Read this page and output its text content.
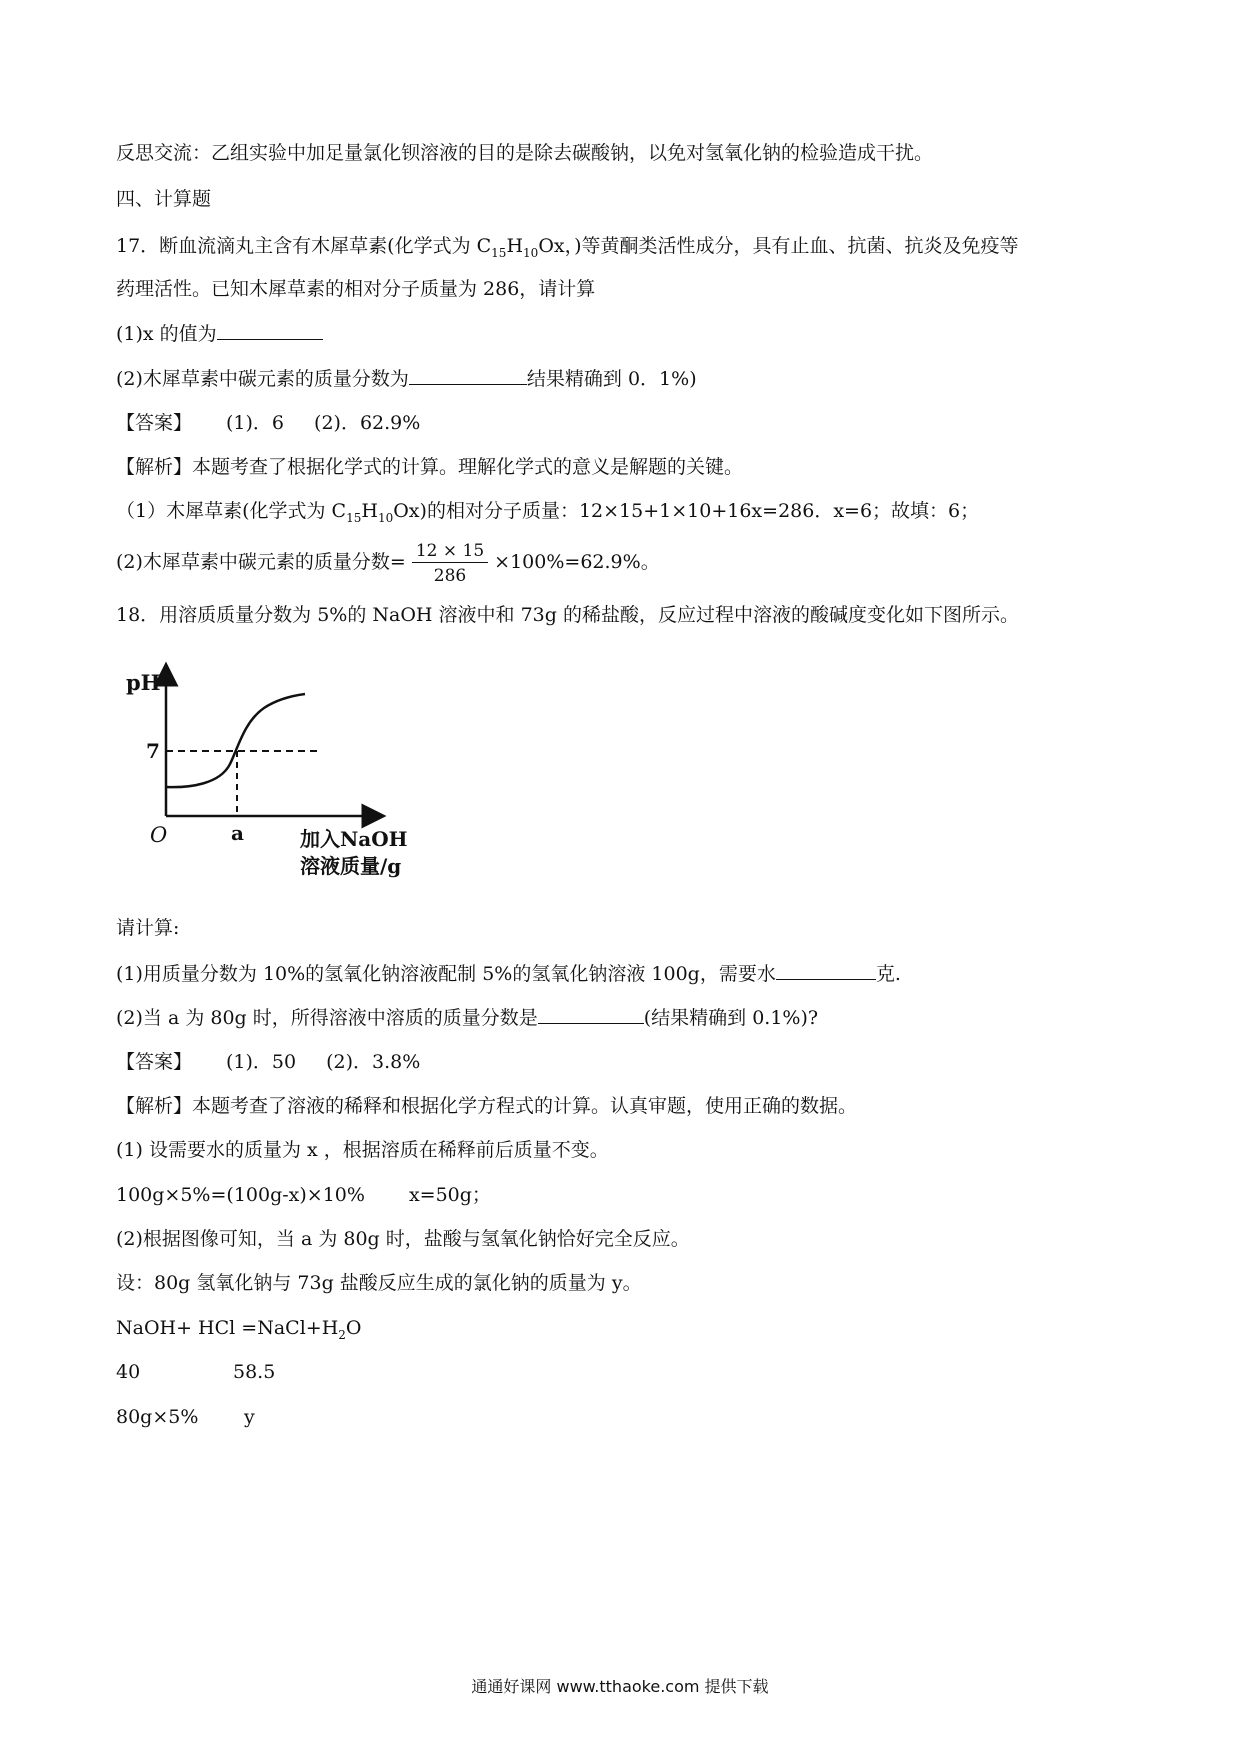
反思交流：乙组实验中加足量氯化钡溶液的目的是除去碳酸钠，以免对氢氧化钠的检验造成干扰。
四、计算题
17．断血流滴丸主含有木犀草素(化学式为 $C_{15}H_{10}Ox$，)等黄酮类活性成分，具有止血、抗菌、抗炎及免疫等
药理活性。已知木犀草素的相对分子质量为 286，请计算
(1)x 的值为
(2)木犀草素中碳元素的质量分数为	结果精确到 0．1%)
【答案】 (1)．6 (2)．62.9%
【解析】本题考查了根据化学式的计算。理解化学式的意义是解题的关键。
（1）木犀草素(化学式为 $C_{15}H_{10}Ox$)的相对分子质量：12×15+1×10+16x=286．x=6；故填：6；
(2)木犀草素中碳元素的质量分数= $\frac{12 \times 15}{286} \times 100\%=62.9\%$。
18．用溶质质量分数为 5%的 NaOH 溶液中和 73g 的稀盐酸，反应过程中溶液的酸碱度变化如下图所示。
pH
7
O	a	加入NaOH
溶液质量/g
请计算:
(1)用质量分数为 10%的氢氧化钠溶液配制 5%的氢氧化钠溶液 100g，需要水	克.
(2)当 a 为 80g 时，所得溶液中溶质的质量分数是	(结果精确到 0.1%)?
【答案】 (1)．50 (2)．3.8%
【解析】本题考查了溶液的稀释和根据化学方程式的计算。认真审题，使用正确的数据。
(1) 设需要水的质量为 x ，根据溶质在稀释前后质量不变。
100g×5%=(100g-x)×10% x=50g；
(2)根据图像可知，当 a 为 80g 时，盐酸与氢氧化钠恰好完全反应。
设：80g 氢氧化钠与 73g 盐酸反应生成的氯化钠的质量为 y。
NaOH+ HCl $=NaCl+H_2O$
40	58.5
80g×5% y
通通好课网 www.tthaoke.com 提供下载
